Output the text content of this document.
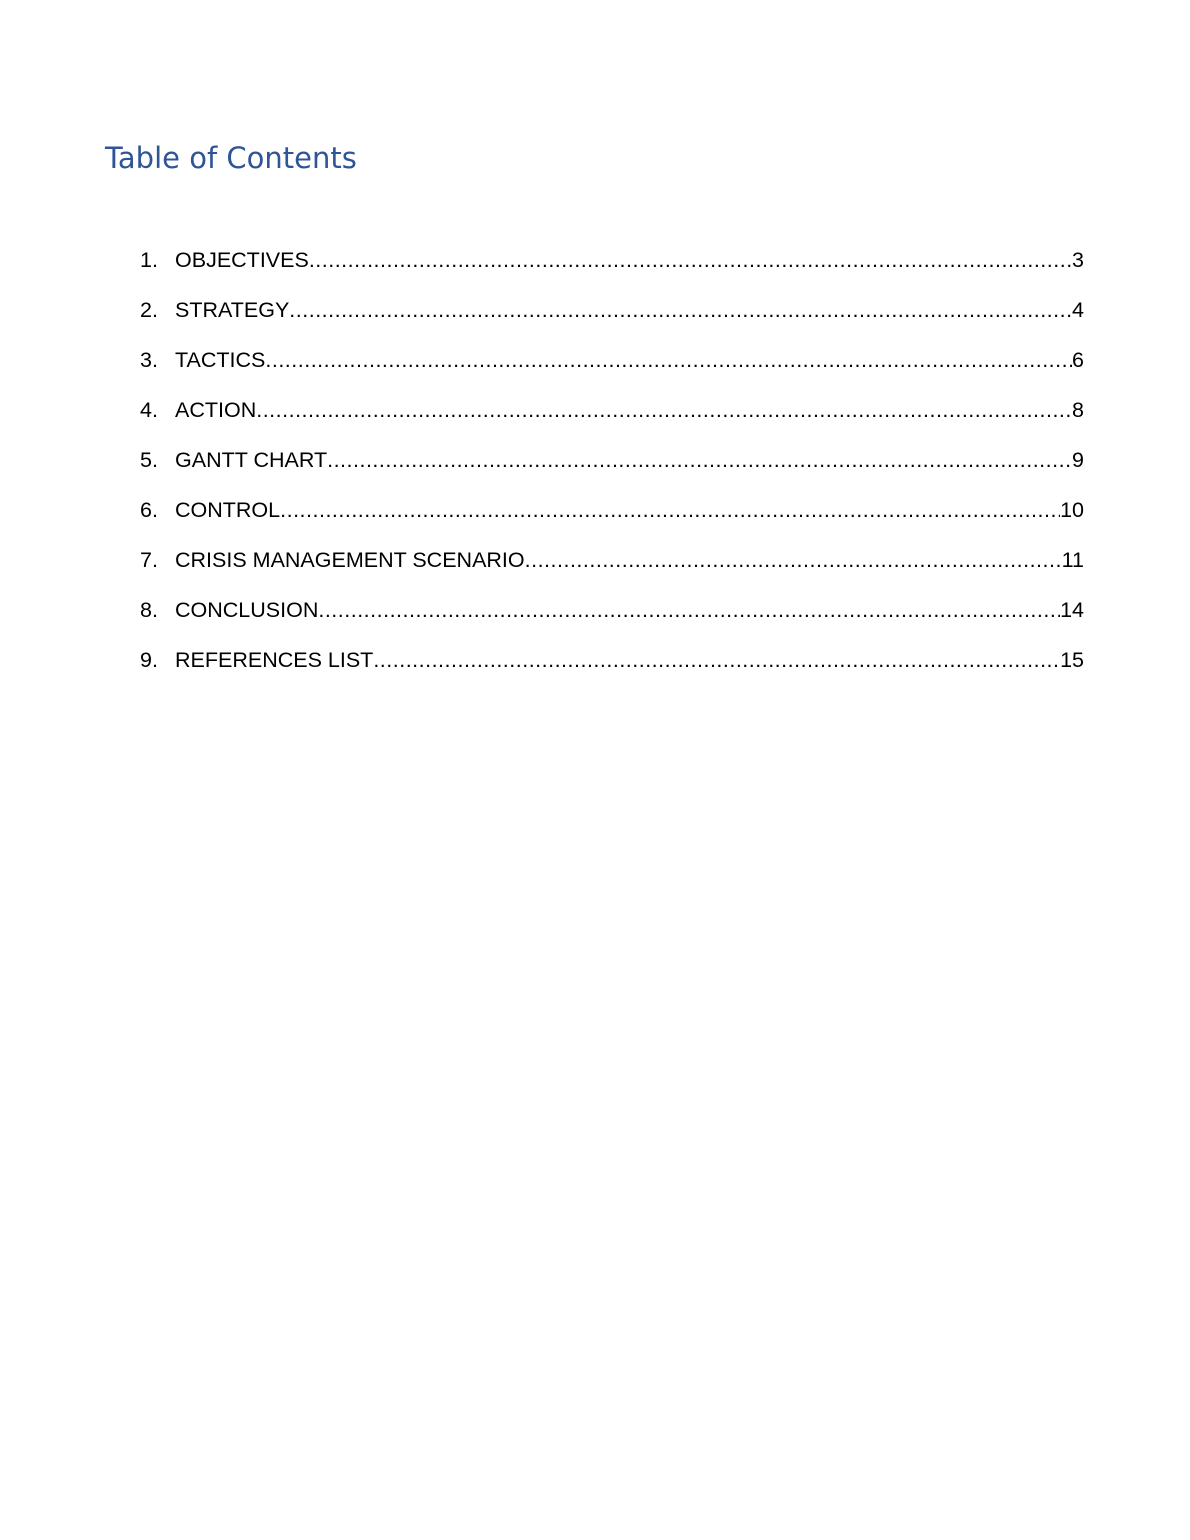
Table of Contents
1. OBJECTIVES .....	3
2. STRATEGY .....	4
3. TACTICS .....	6
4. ACTION .....	8
5. GANTT CHART .....	9
6. CONTROL .....	10
7. CRISIS MANAGEMENT SCENARIO .....	11
8. CONCLUSION .....	14
9. REFERENCES LIST .....	15
